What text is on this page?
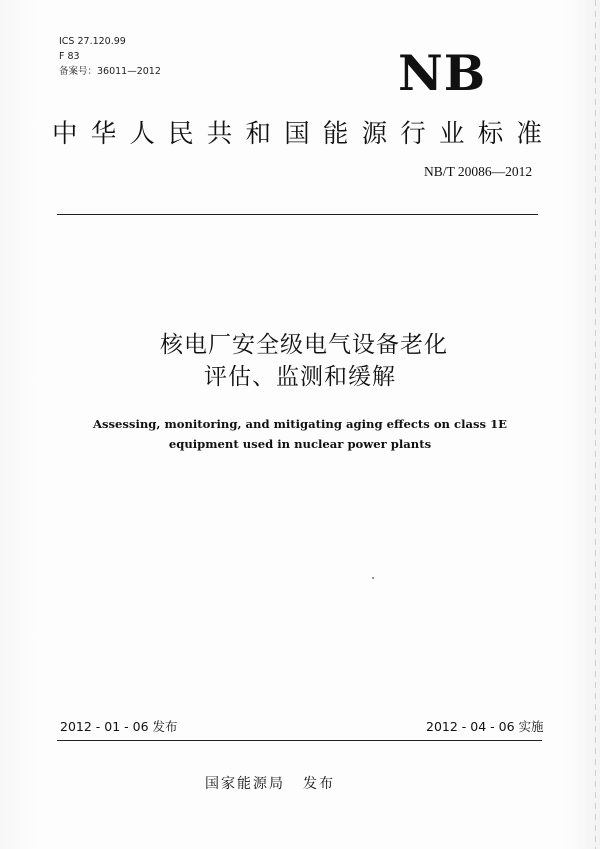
ICS 27.120.99
F 83
备案号：36011—2012	NB
中华人民共和国能源行业标准
NB/T 20086—2012
核电厂安全级电气设备老化
评估、监测和缓解
Assessing, monitoring, and mitigating aging effects on class 1E
equipment used in nuclear power plants
2012 - 01 - 06 发布	2012 - 04 - 06 实施
国家能源局 发布
